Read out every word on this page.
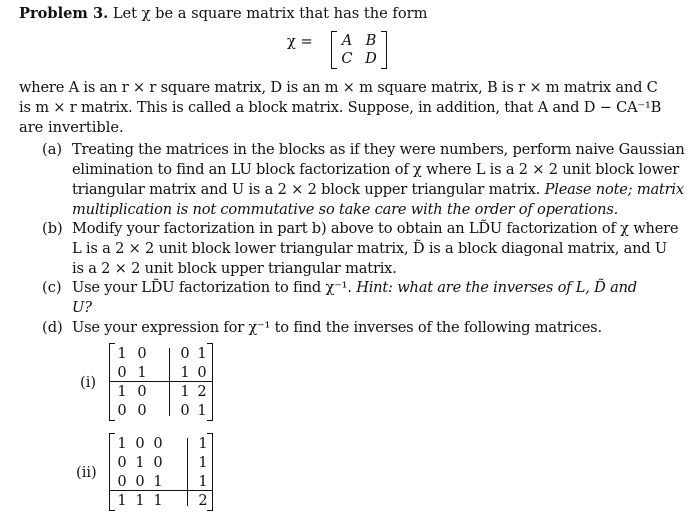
Problem 3. Let χ be a square matrix that has the form
χ =	A B
C D
where A is an r × r square matrix, D is an m × m square matrix, B is r × m matrix and C
is m × r matrix. This is called a block matrix. Suppose, in addition, that A and D − CA⁻¹B
are invertible.
(a) Treating the matrices in the blocks as if they were numbers, perform naive Gaussian
elimination to find an LU block factorization of χ where L is a 2 × 2 unit block lower
triangular matrix and U is a 2 × 2 block upper triangular matrix. Please note; matrix
multiplication is not commutative so take care with the order of operations.
(b) Modify your factorization in part b) above to obtain an LD̃U factorization of χ where
L is a 2 × 2 unit block lower triangular matrix, D̃ is a block diagonal matrix, and U
is a 2 × 2 unit block upper triangular matrix.
(c) Use your LD̃U factorization to find χ⁻¹. Hint: what are the inverses of L, D̃ and
U?
(d) Use your expression for χ⁻¹ to find the inverses of the following matrices.
(i)
1 0 0 1
0 1 1 0
1 0 1 2
0 0 0 1
(ii)
1 0 0 1
0 1 0 1
0 0 1 1
1 1 1 2
